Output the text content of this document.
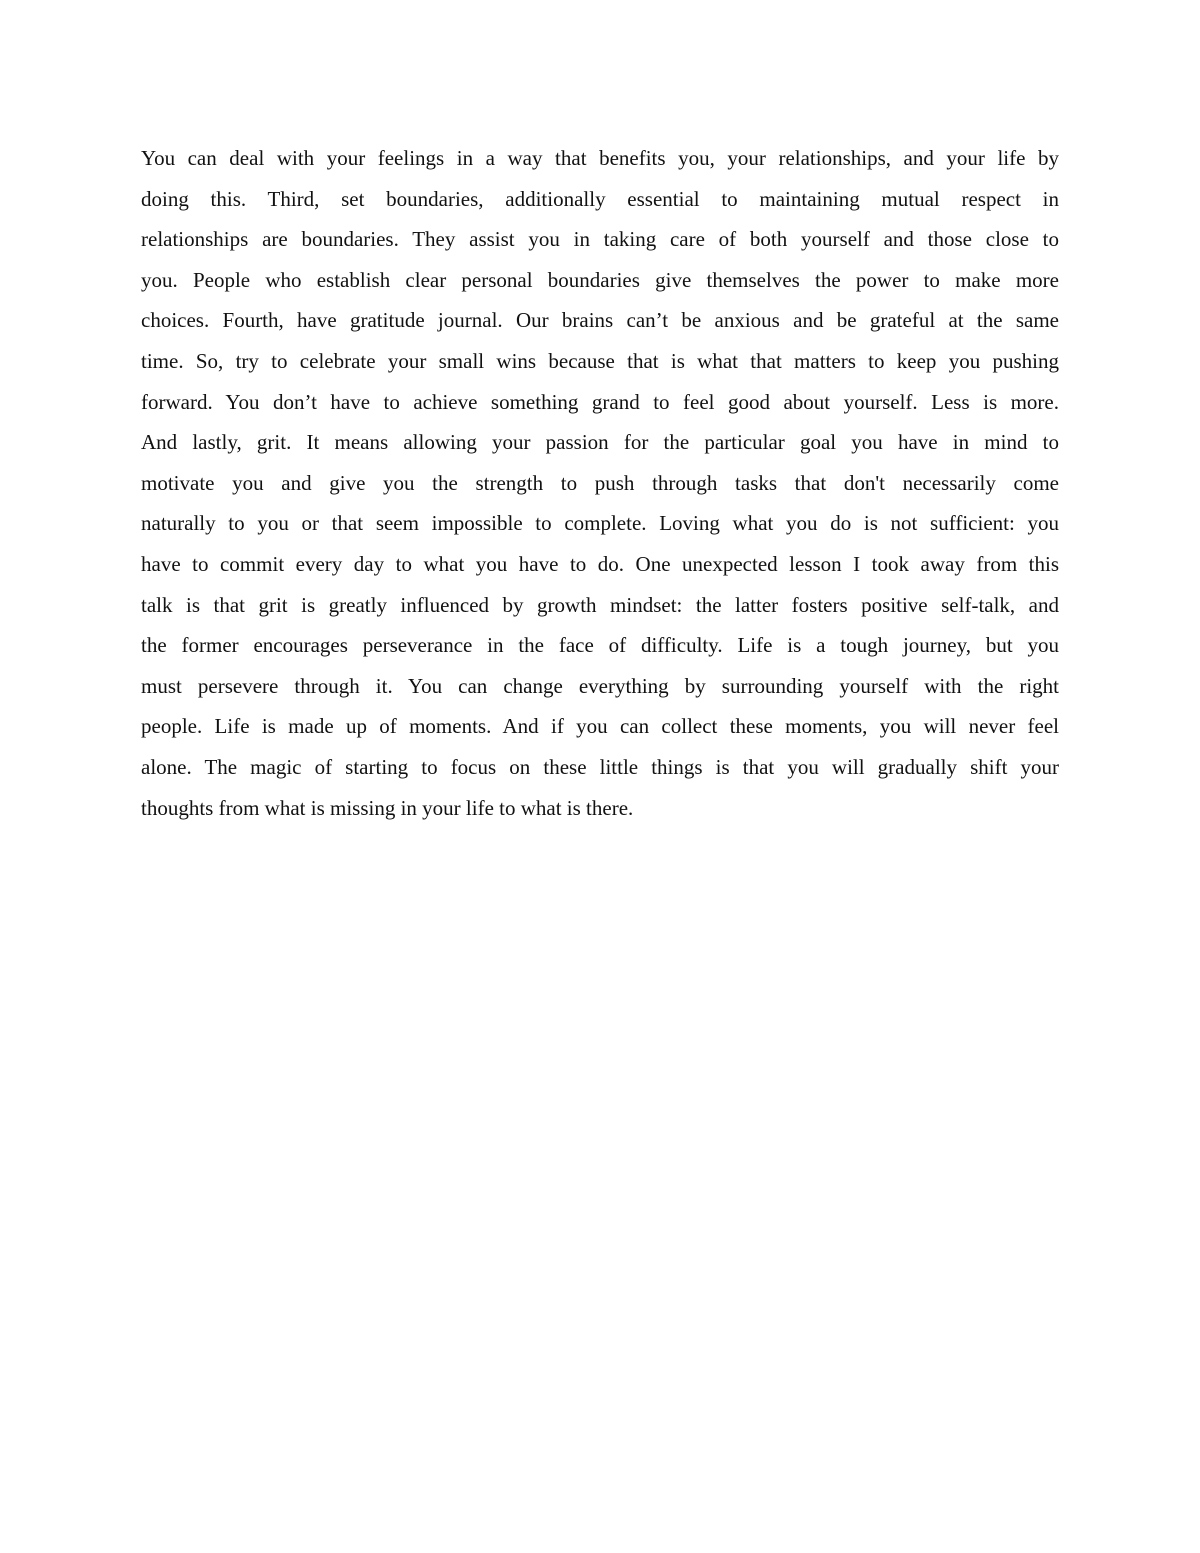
You can deal with your feelings in a way that benefits you, your relationships, and your life by
doing this. Third, set boundaries, additionally essential to maintaining mutual respect in
relationships are boundaries. They assist you in taking care of both yourself and those close to
you. People who establish clear personal boundaries give themselves the power to make more
choices. Fourth, have gratitude journal. Our brains can’t be anxious and be grateful at the same
time. So, try to celebrate your small wins because that is what that matters to keep you pushing
forward. You don’t have to achieve something grand to feel good about yourself. Less is more.
And lastly, grit. It means allowing your passion for the particular goal you have in mind to
motivate you and give you the strength to push through tasks that don't necessarily come
naturally to you or that seem impossible to complete. Loving what you do is not sufficient: you
have to commit every day to what you have to do. One unexpected lesson I took away from this
talk is that grit is greatly influenced by growth mindset: the latter fosters positive self-talk, and
the former encourages perseverance in the face of difficulty. Life is a tough journey, but you
must persevere through it. You can change everything by surrounding yourself with the right
people. Life is made up of moments. And if you can collect these moments, you will never feel
alone. The magic of starting to focus on these little things is that you will gradually shift your
thoughts from what is missing in your life to what is there.
